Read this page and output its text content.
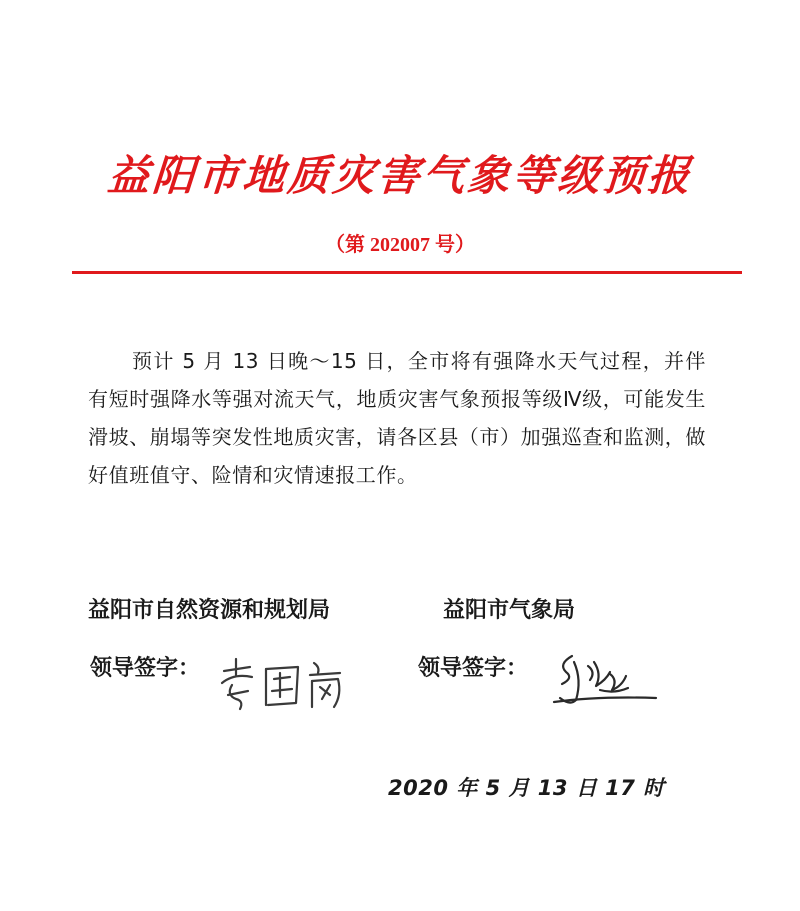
益阳市地质灾害气象等级预报
（第 202007 号）

预计 5 月 13 日晚～15 日，全市将有强降水天气过程，并伴有短时强降水等强对流天气，地质灾害气象预报等级Ⅳ级，可能发生滑坡、崩塌等突发性地质灾害，请各区县（市）加强巡查和监测，做好值班值守、险情和灾情速报工作。

益阳市自然资源和规划局	益阳市气象局
领导签字：	领导签字：
2020 年 5 月 13 日 17 时
